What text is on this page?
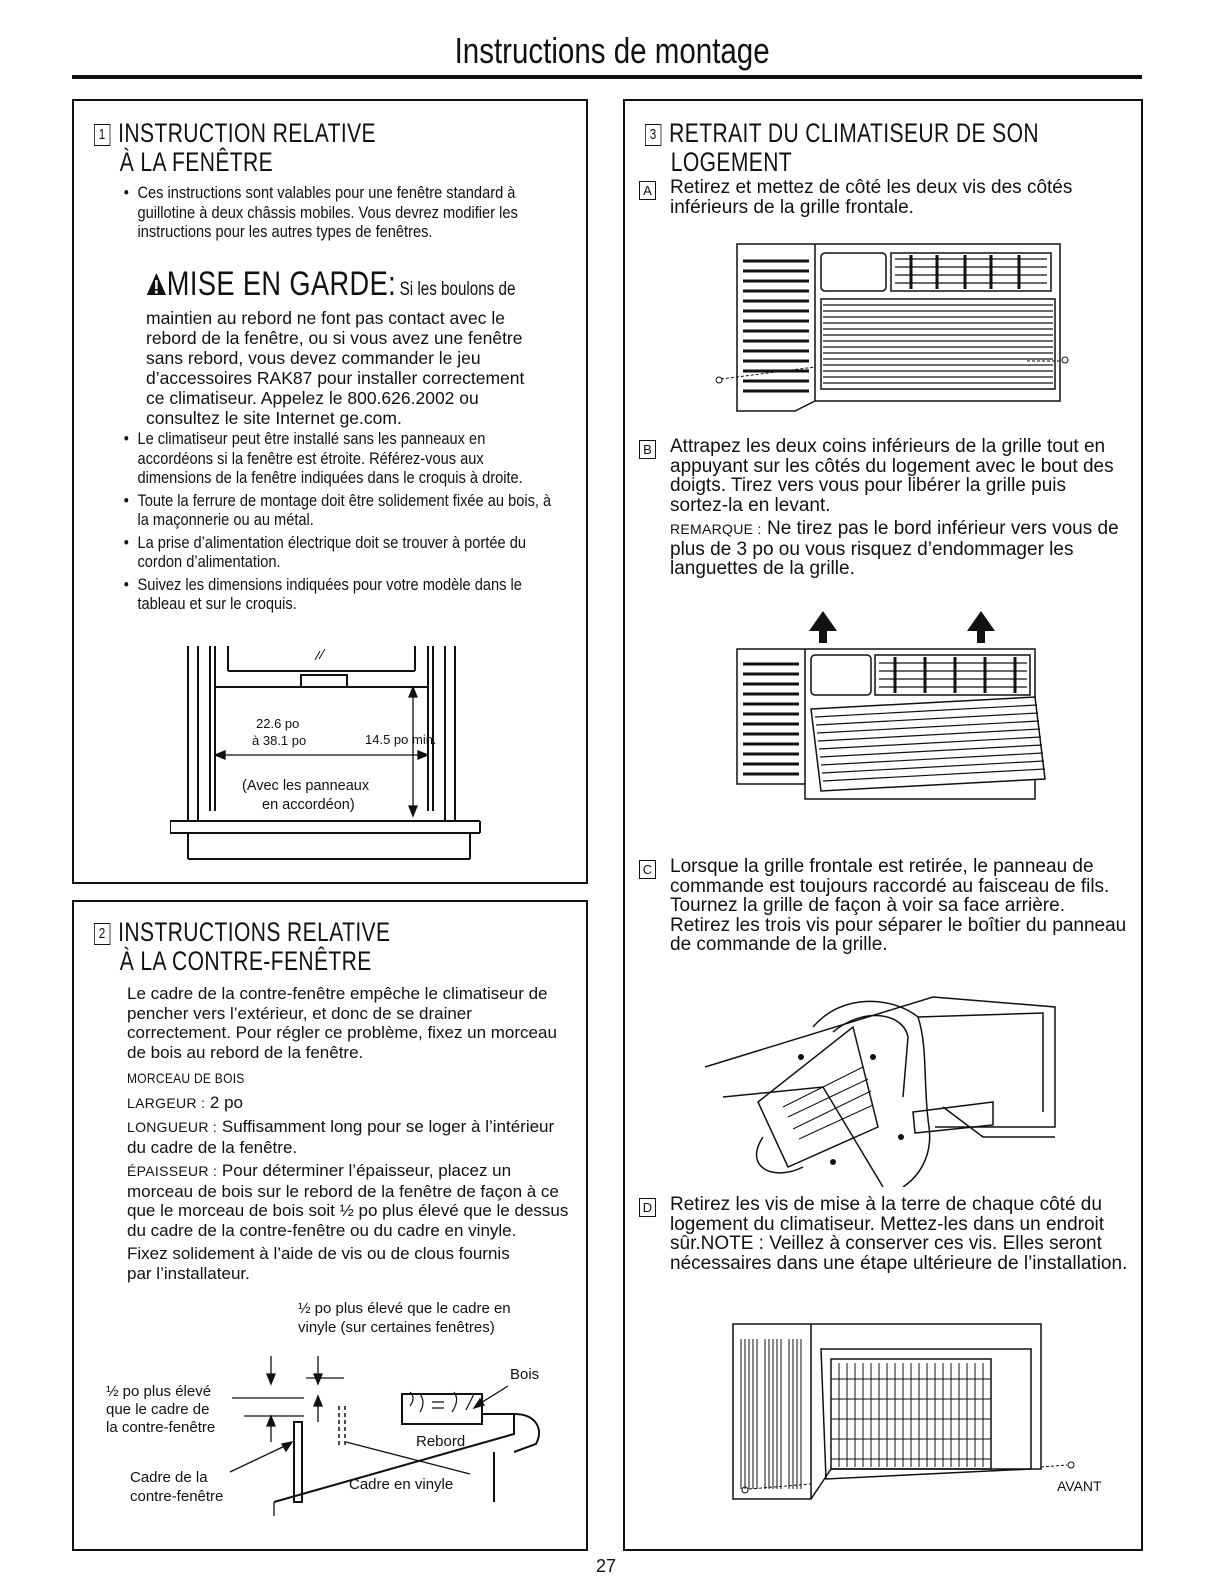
Instructions de montage
1 INSTRUCTION RELATIVE
À LA FENÊTRE
• Ces instructions sont valables pour une fenêtre standard à guillotine à deux châssis mobiles. Vous devrez modifier les instructions pour les autres types de fenêtres.
MISE EN GARDE: Si les boulons de
maintien au rebord ne font pas contact avec le rebord de la fenêtre, ou si vous avez une fenêtre sans rebord, vous devez commander le jeu d’accessoires RAK87 pour installer correctement ce climatiseur. Appelez le 800.626.2002 ou consultez le site Internet ge.com.
• Le climatiseur peut être installé sans les panneaux en accordéons si la fenêtre est étroite. Référez-vous aux dimensions de la fenêtre indiquées dans le croquis à droite.
• Toute la ferrure de montage doit être solidement fixée au bois, à la maçonnerie ou au métal.
• La prise d’alimentation électrique doit se trouver à portée du cordon d’alimentation.
• Suivez les dimensions indiquées pour votre modèle dans le tableau et sur le croquis.
22.6 po
à 38.1 po	14.5 po min.
(Avec les panneaux
en accordéon)
2 INSTRUCTIONS RELATIVE
À LA CONTRE-FENÊTRE
Le cadre de la contre-fenêtre empêche le climatiseur de pencher vers l’extérieur, et donc de se drainer correctement. Pour régler ce problème, fixez un morceau de bois au rebord de la fenêtre.
MORCEAU DE BOIS
LARGEUR : 2 po
LONGUEUR : Suffisamment long pour se loger à l’intérieur du cadre de la fenêtre.
ÉPAISSEUR : Pour déterminer l’épaisseur, placez un morceau de bois sur le rebord de la fenêtre de façon à ce que le morceau de bois soit ½ po plus élevé que le dessus du cadre de la contre-fenêtre ou du cadre en vinyle.
Fixez solidement à l’aide de vis ou de clous fournis
par l’installateur.
½ po plus élevé que le cadre en
vinyle (sur certaines fenêtres)
½ po plus élevé
que le cadre de
la contre-fenêtre
Bois
Rebord
Cadre de la
contre-fenêtre
Cadre en vinyle
3 RETRAIT DU CLIMATISEUR DE SON
LOGEMENT
A Retirez et mettez de côté les deux vis des côtés inférieurs de la grille frontale.
B Attrapez les deux coins inférieurs de la grille tout en appuyant sur les côtés du logement avec le bout des doigts. Tirez vers vous pour libérer la grille puis sortez-la en levant.
REMARQUE : Ne tirez pas le bord inférieur vers vous de plus de 3 po ou vous risquez d’endommager les languettes de la grille.
C Lorsque la grille frontale est retirée, le panneau de commande est toujours raccordé au faisceau de fils. Tournez la grille de façon à voir sa face arrière. Retirez les trois vis pour séparer le boîtier du panneau de commande de la grille.
D Retirez les vis de mise à la terre de chaque côté du logement du climatiseur. Mettez-les dans un endroit sûr.NOTE : Veillez à conserver ces vis. Elles seront nécessaires dans une étape ultérieure de l’installation.
AVANT
27
